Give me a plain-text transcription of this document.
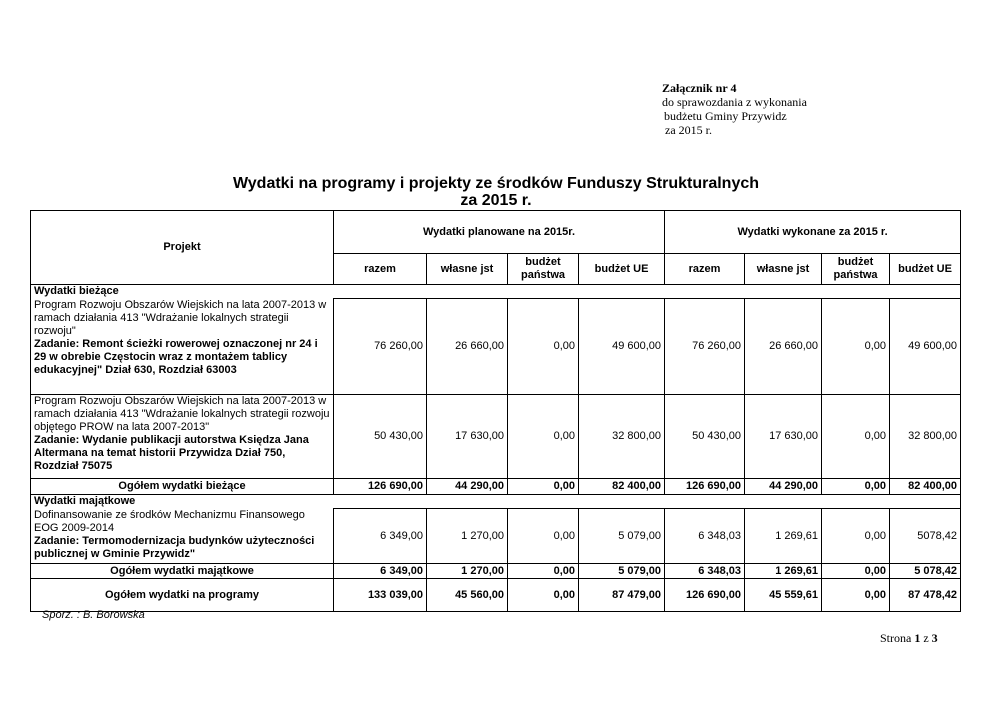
Załącznik nr 4
do sprawozdania z wykonania
budżetu Gminy Przywidz
za 2015 r.
Wydatki na programy i projekty ze środków Funduszy Strukturalnych
za 2015 r.
Projekt	Wydatki planowane na 2015r.				Wydatki wykonane za 2015 r.			
	razem	własne jst	budżet państwa	budżet UE	razem	własne jst	budżet państwa	budżet UE
Wydatki bieżące								
Program Rozwoju Obszarów Wiejskich na lata 2007-2013 w ramach działania 413 "Wdrażanie lokalnych strategii rozwoju"
Zadanie: Remont ścieżki rowerowej oznaczonej nr 24 i 29 w obrebie Częstocin wraz z montażem tablicy edukacyjnej" Dział 630, Rozdział 63003	76 260,00	26 660,00	0,00	49 600,00	76 260,00	26 660,00	0,00	49 600,00
Program Rozwoju Obszarów Wiejskich na lata 2007-2013 w ramach działania 413 "Wdrażanie lokalnych strategii rozwoju objętego PROW na lata 2007-2013"
Zadanie: Wydanie publikacji autorstwa Księdza Jana Altermana na temat historii Przywidza Dział 750, Rozdział 75075	50 430,00	17 630,00	0,00	32 800,00	50 430,00	17 630,00	0,00	32 800,00
Ogółem wydatki bieżące	126 690,00	44 290,00	0,00	82 400,00	126 690,00	44 290,00	0,00	82 400,00
Wydatki majątkowe								
Dofinansowanie ze środków Mechanizmu Finansowego EOG 2009-2014
Zadanie: Termomodernizacja budynków użyteczności publicznej w Gminie Przywidz"	6 349,00	1 270,00	0,00	5 079,00	6 348,03	1 269,61	0,00	5078,42
Ogółem wydatki majątkowe	6 349,00	1 270,00	0,00	5 079,00	6 348,03	1 269,61	0,00	5 078,42
Ogółem wydatki na programy	133 039,00	45 560,00	0,00	87 479,00	126 690,00	45 559,61	0,00	87 478,42
Sporz. : B. Borowska
Strona 1 z 3
